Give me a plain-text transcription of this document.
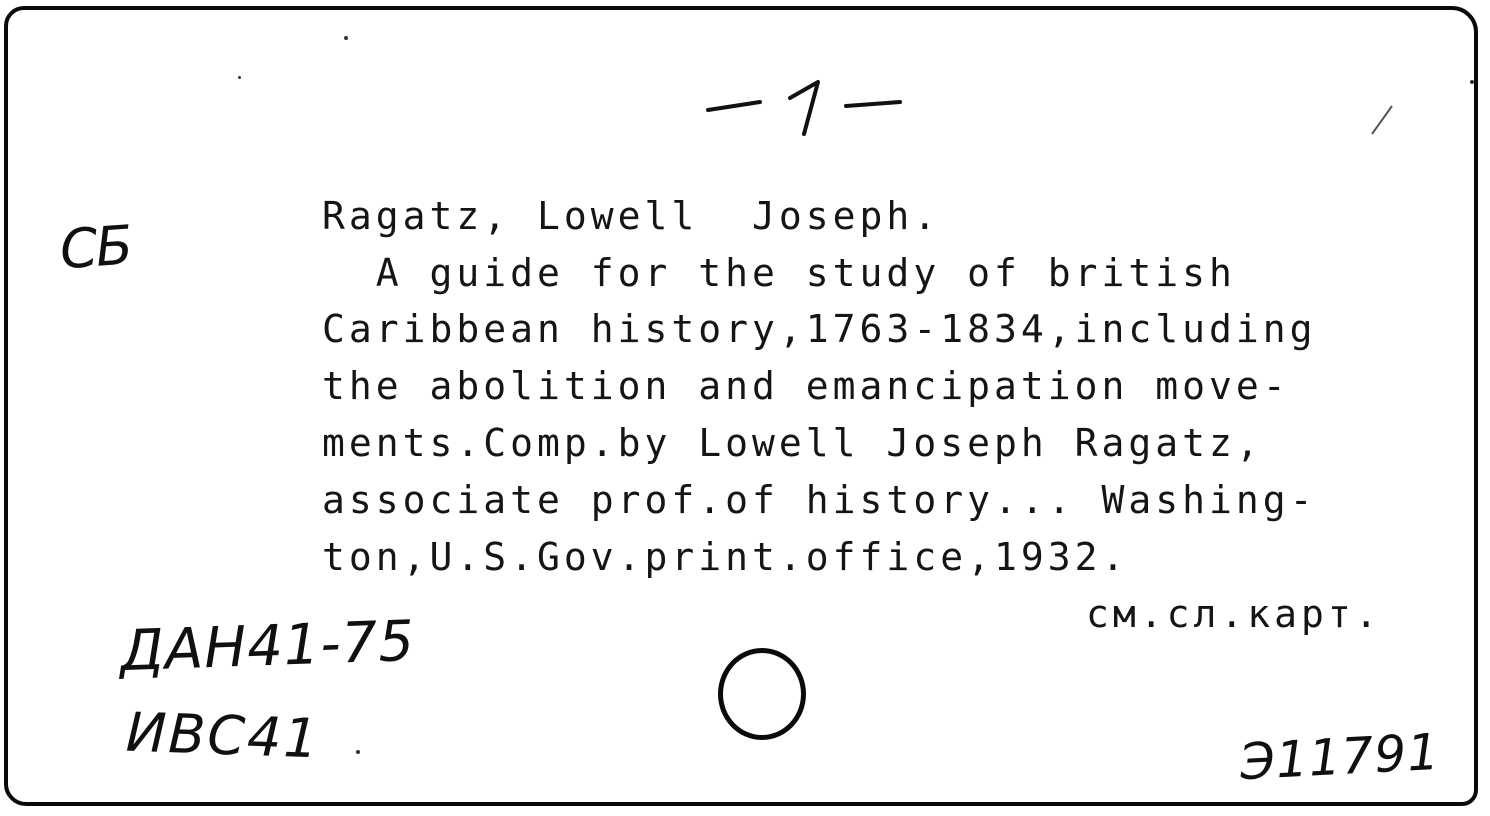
СБ	Ragatz, Lowell  Joseph.
A guide for the study of british
Caribbean history,1763-1834,including
the abolition and emancipation move-
ments.Comp.by Lowell Joseph Ragatz,
associate prof.of history... Washing-
ton,U.S.Gov.print.office,1932.
см.сл.карт.
ДАН41-75
ИВС41	Э11791
